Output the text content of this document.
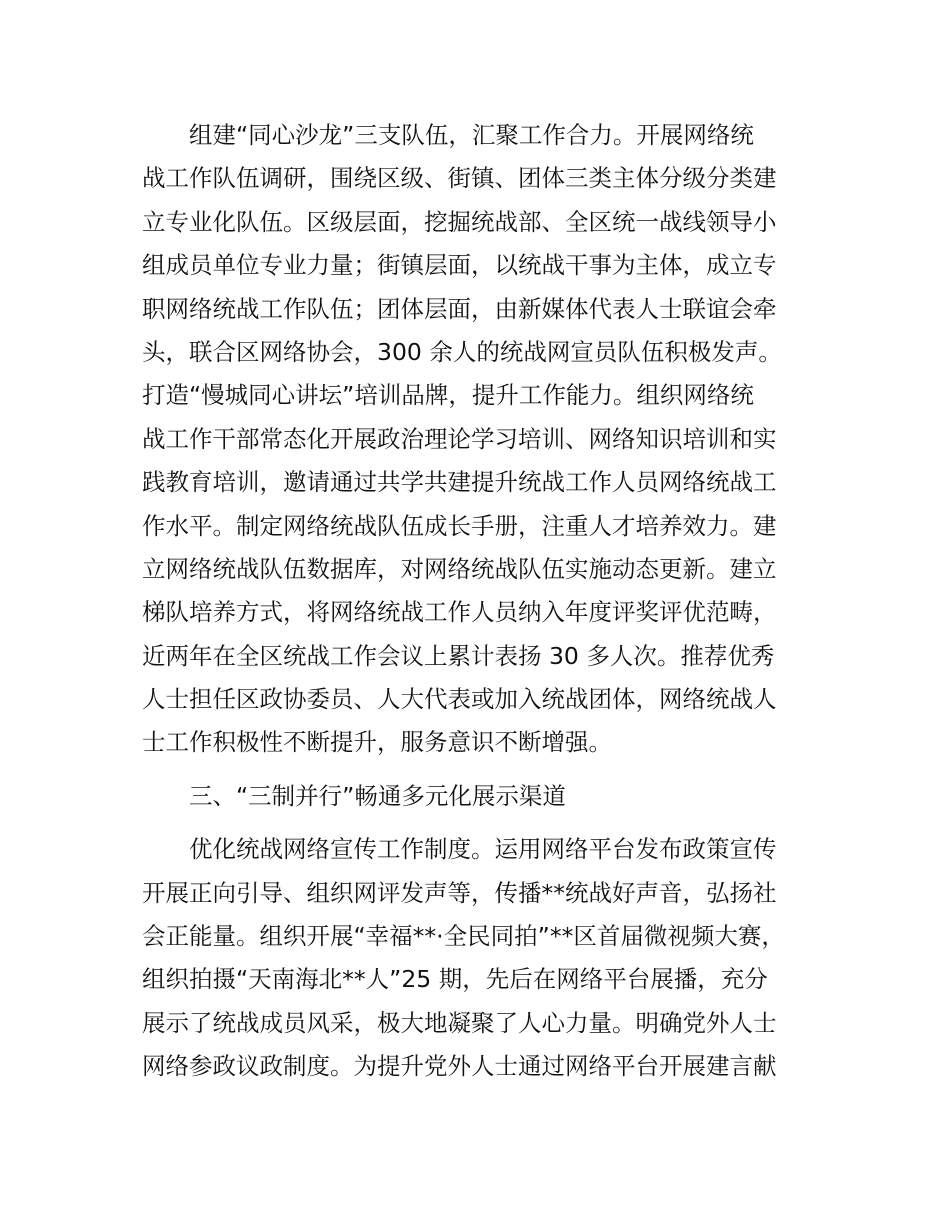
组建“同心沙龙”三支队伍，汇聚工作合力。开展网络统
战工作队伍调研，围绕区级、街镇、团体三类主体分级分类建
立专业化队伍。区级层面，挖掘统战部、全区统一战线领导小
组成员单位专业力量；街镇层面，以统战干事为主体，成立专
职网络统战工作队伍；团体层面，由新媒体代表人士联谊会牵
头，联合区网络协会，300 余人的统战网宣员队伍积极发声。
打造“慢城同心讲坛”培训品牌，提升工作能力。组织网络统
战工作干部常态化开展政治理论学习培训、网络知识培训和实
践教育培训，邀请通过共学共建提升统战工作人员网络统战工
作水平。制定网络统战队伍成长手册，注重人才培养效力。建
立网络统战队伍数据库，对网络统战队伍实施动态更新。建立
梯队培养方式，将网络统战工作人员纳入年度评奖评优范畴，
近两年在全区统战工作会议上累计表扬 30 多人次。推荐优秀
人士担任区政协委员、人大代表或加入统战团体，网络统战人
士工作积极性不断提升，服务意识不断增强。
三、“三制并行”畅通多元化展示渠道
优化统战网络宣传工作制度。运用网络平台发布政策宣传
开展正向引导、组织网评发声等，传播**统战好声音，弘扬社
会正能量。组织开展“幸福**·全民同拍”**区首届微视频大赛，
组织拍摄“天南海北**人”25 期，先后在网络平台展播，充分
展示了统战成员风采，极大地凝聚了人心力量。明确党外人士
网络参政议政制度。为提升党外人士通过网络平台开展建言献
